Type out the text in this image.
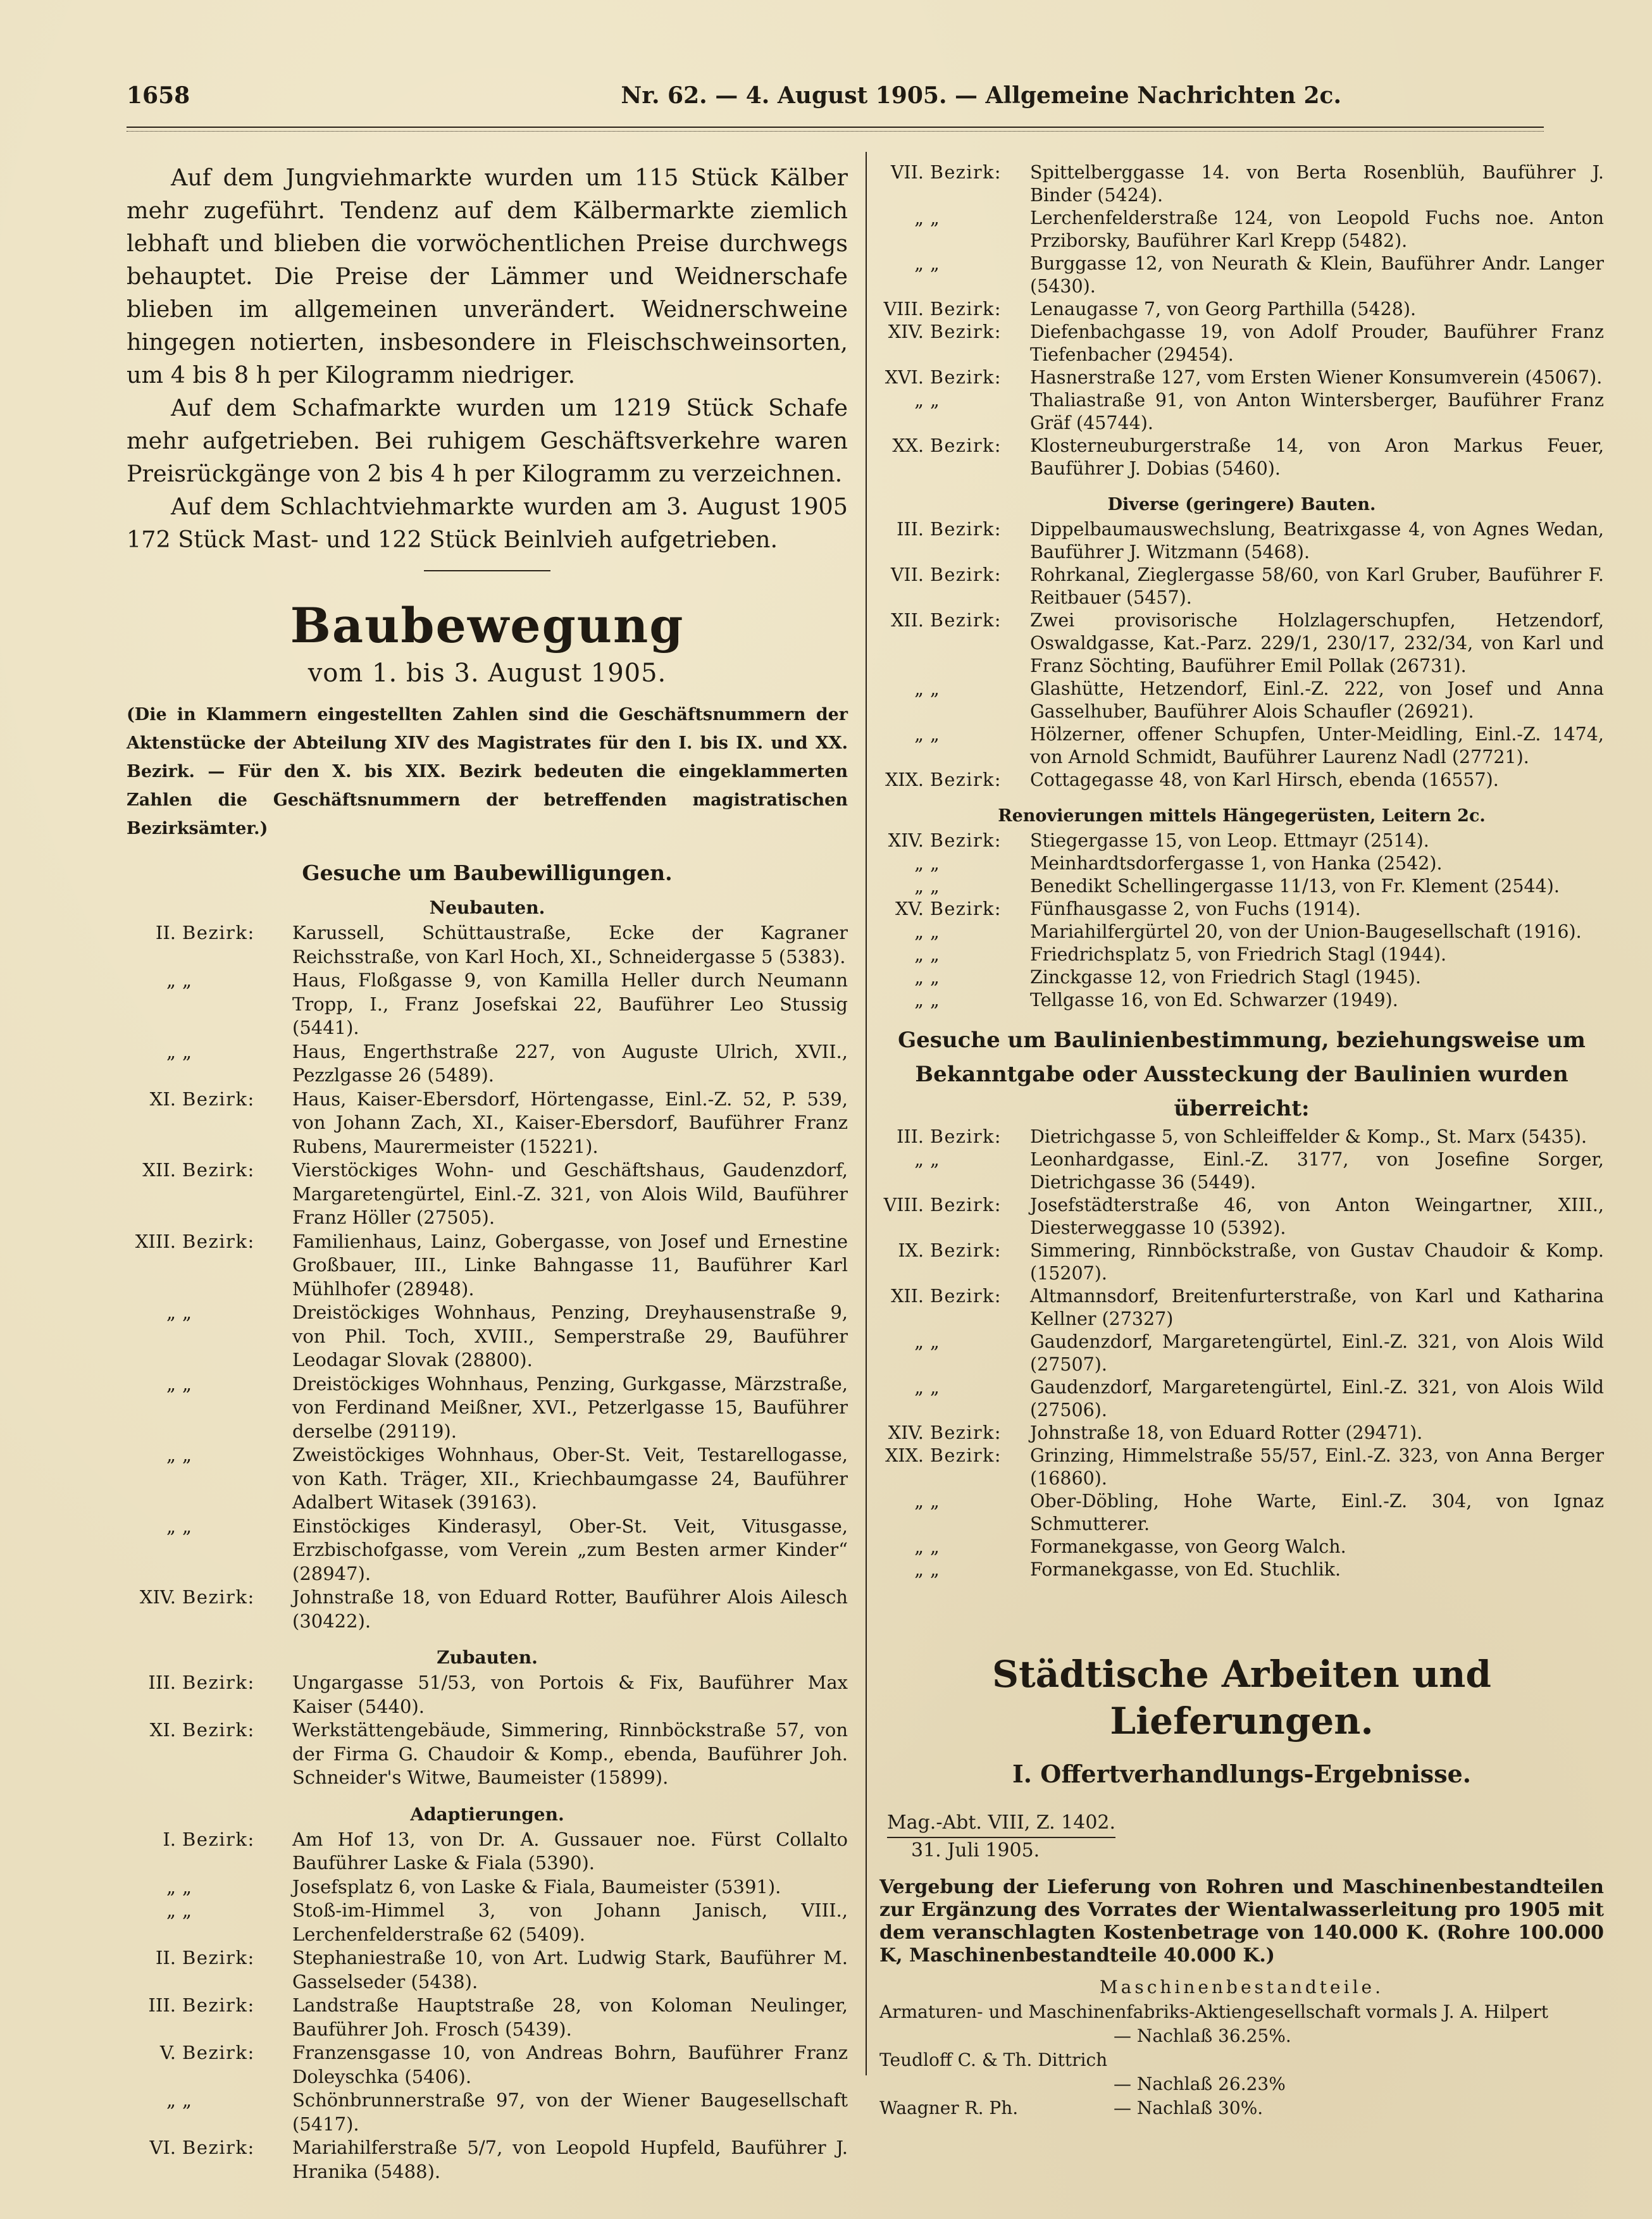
1658	Nr. 62. — 4. August 1905. — Allgemeine Nachrichten 2c.

Auf dem Jungviehmarkte wurden um 115 Stück Kälber mehr zugeführt. Tendenz auf dem Kälbermarkte ziemlich lebhaft und blieben die vorwöchentlichen Preise durchwegs behauptet. Die Preise der Lämmer und Weidnerschafe blieben im allgemeinen unverändert. Weidnerschweine hingegen notierten, insbesondere in Fleischschweinsorten, um 4 bis 8 h per Kilogramm niedriger.

Auf dem Schafmarkte wurden um 1219 Stück Schafe mehr aufgetrieben. Bei ruhigem Geschäftsverkehre waren Preisrückgänge von 2 bis 4 h per Kilogramm zu verzeichnen.

Auf dem Schlachtviehmarkte wurden am 3. August 1905 172 Stück Mast- und 122 Stück Beinlvieh aufgetrieben.

Baubewegung
vom 1. bis 3. August 1905.
(Die in Klammern eingestellten Zahlen sind die Geschäftsnummern der Aktenstücke der Abteilung XIV des Magistrates für den I. bis IX. und XX. Bezirk. — Für den X. bis XIX. Bezirk bedeuten die eingeklammerten Zahlen die Geschäftsnummern der betreffenden magistratischen Bezirksämter.)
Gesuche um Baubewilligungen.
Neubauten.
II. Bezirk:	Karussell, Schüttaustraße, Ecke der Kagraner Reichsstraße, von Karl Hoch, XI., Schneidergasse 5 (5383).
„ „	Haus, Floßgasse 9, von Kamilla Heller durch Neumann Tropp, I., Franz Josefskai 22, Bauführer Leo Stussig (5441).
„ „	Haus, Engerthstraße 227, von Auguste Ulrich, XVII., Pezzlgasse 26 (5489).
XI. Bezirk:	Haus, Kaiser-Ebersdorf, Hörtengasse, Einl.-Z. 52, P. 539, von Johann Zach, XI., Kaiser-Ebersdorf, Bauführer Franz Rubens, Maurermeister (15221).
XII. Bezirk:	Vierstöckiges Wohn- und Geschäftshaus, Gaudenzdorf, Margaretengürtel, Einl.-Z. 321, von Alois Wild, Bauführer Franz Höller (27505).
XIII. Bezirk:	Familienhaus, Lainz, Gobergasse, von Josef und Ernestine Großbauer, III., Linke Bahngasse 11, Bauführer Karl Mühlhofer (28948).
„ „	Dreistöckiges Wohnhaus, Penzing, Dreyhausenstraße 9, von Phil. Toch, XVIII., Semperstraße 29, Bauführer Leodagar Slovak (28800).
„ „	Dreistöckiges Wohnhaus, Penzing, Gurkgasse, Märzstraße, von Ferdinand Meißner, XVI., Petzerlgasse 15, Bauführer derselbe (29119).
„ „	Zweistöckiges Wohnhaus, Ober-St. Veit, Testarellogasse, von Kath. Träger, XII., Kriechbaumgasse 24, Bauführer Adalbert Witasek (39163).
„ „	Einstöckiges Kinderasyl, Ober-St. Veit, Vitusgasse, Erzbischofgasse, vom Verein „zum Besten armer Kinder“ (28947).
XIV. Bezirk:	Johnstraße 18, von Eduard Rotter, Bauführer Alois Ailesch (30422).
Zubauten.
III. Bezirk:	Ungargasse 51/53, von Portois & Fix, Bauführer Max Kaiser (5440).
XI. Bezirk:	Werkstättengebäude, Simmering, Rinnböckstraße 57, von der Firma G. Chaudoir & Komp., ebenda, Bauführer Joh. Schneider's Witwe, Baumeister (15899).
Adaptierungen.
I. Bezirk:	Am Hof 13, von Dr. A. Gussauer noe. Fürst Collalto Bauführer Laske & Fiala (5390).
„ „	Josefsplatz 6, von Laske & Fiala, Baumeister (5391).
„ „	Stoß-im-Himmel 3, von Johann Janisch, VIII., Lerchenfelderstraße 62 (5409).
II. Bezirk:	Stephaniestraße 10, von Art. Ludwig Stark, Bauführer M. Gasselseder (5438).
III. Bezirk:	Landstraße Hauptstraße 28, von Koloman Neulinger, Bauführer Joh. Frosch (5439).
V. Bezirk:	Franzensgasse 10, von Andreas Bohrn, Bauführer Franz Doleyschka (5406).
„ „	Schönbrunnerstraße 97, von der Wiener Baugesellschaft (5417).
VI. Bezirk:	Mariahilferstraße 5/7, von Leopold Hupfeld, Bauführer J. Hranika (5488).
VII. Bezirk:	Spittelberggasse 14. von Berta Rosenblüh, Bauführer J. Binder (5424).
„ „	Lerchenfelderstraße 124, von Leopold Fuchs noe. Anton Prziborsky, Bauführer Karl Krepp (5482).
„ „	Burggasse 12, von Neurath & Klein, Bauführer Andr. Langer (5430).
VIII. Bezirk:	Lenaugasse 7, von Georg Parthilla (5428).
XIV. Bezirk:	Diefenbachgasse 19, von Adolf Prouder, Bauführer Franz Tiefenbacher (29454).
XVI. Bezirk:	Hasnerstraße 127, vom Ersten Wiener Konsumverein (45067).
„ „	Thaliastraße 91, von Anton Wintersberger, Bauführer Franz Gräf (45744).
XX. Bezirk:	Klosterneuburgerstraße 14, von Aron Markus Feuer, Bauführer J. Dobias (5460).
Diverse (geringere) Bauten.
III. Bezirk:	Dippelbaumauswechslung, Beatrixgasse 4, von Agnes Wedan, Bauführer J. Witzmann (5468).
VII. Bezirk:	Rohrkanal, Zieglergasse 58/60, von Karl Gruber, Bauführer F. Reitbauer (5457).
XII. Bezirk:	Zwei provisorische Holzlagerschupfen, Hetzendorf, Oswaldgasse, Kat.-Parz. 229/1, 230/17, 232/34, von Karl und Franz Söchting, Bauführer Emil Pollak (26731).
„ „	Glashütte, Hetzendorf, Einl.-Z. 222, von Josef und Anna Gasselhuber, Bauführer Alois Schaufler (26921).
„ „	Hölzerner, offener Schupfen, Unter-Meidling, Einl.-Z. 1474, von Arnold Schmidt, Bauführer Laurenz Nadl (27721).
XIX. Bezirk:	Cottagegasse 48, von Karl Hirsch, ebenda (16557).
Renovierungen mittels Hängegerüsten, Leitern 2c.
XIV. Bezirk:	Stiegergasse 15, von Leop. Ettmayr (2514).
„ „	Meinhardtsdorfergasse 1, von Hanka (2542).
„ „	Benedikt Schellingergasse 11/13, von Fr. Klement (2544).
XV. Bezirk:	Fünfhausgasse 2, von Fuchs (1914).
„ „	Mariahilfergürtel 20, von der Union-Baugesellschaft (1916).
„ „	Friedrichsplatz 5, von Friedrich Stagl (1944).
„ „	Zinckgasse 12, von Friedrich Stagl (1945).
„ „	Tellgasse 16, von Ed. Schwarzer (1949).
Gesuche um Baulinienbestimmung, beziehungsweise um Bekanntgabe oder Aussteckung der Baulinien wurden überreicht:
III. Bezirk:	Dietrichgasse 5, von Schleiffelder & Komp., St. Marx (5435).
„ „	Leonhardgasse, Einl.-Z. 3177, von Josefine Sorger, Dietrichgasse 36 (5449).
VIII. Bezirk:	Josefstädterstraße 46, von Anton Weingartner, XIII., Diesterweggasse 10 (5392).
IX. Bezirk:	Simmering, Rinnböckstraße, von Gustav Chaudoir & Komp. (15207).
XII. Bezirk:	Altmannsdorf, Breitenfurterstraße, von Karl und Katharina Kellner (27327)
„ „	Gaudenzdorf, Margaretengürtel, Einl.-Z. 321, von Alois Wild (27507).
„ „	Gaudenzdorf, Margaretengürtel, Einl.-Z. 321, von Alois Wild (27506).
XIV. Bezirk:	Johnstraße 18, von Eduard Rotter (29471).
XIX. Bezirk:	Grinzing, Himmelstraße 55/57, Einl.-Z. 323, von Anna Berger (16860).
„ „	Ober-Döbling, Hohe Warte, Einl.-Z. 304, von Ignaz Schmutterer.
„ „	Formanekgasse, von Georg Walch.
„ „	Formanekgasse, von Ed. Stuchlik.
Städtische Arbeiten und Lieferungen.
I. Offertverhandlungs-Ergebnisse.
Mag.-Abt. VIII, Z. 1402.
31. Juli 1905.
Vergebung der Lieferung von Rohren und Maschinenbestandteilen zur Ergänzung des Vorrates der Wientalwasserleitung pro 1905 mit dem veranschlagten Kostenbetrage von 140.000 K. (Rohre 100.000 K, Maschinenbestandteile 40.000 K.)
Maschinenbestandteile.
Armaturen- und Maschinenfabriks-Aktiengesellschaft vormals J. A. Hilpert
— Nachlaß 36.25%.
Teudloff C. & Th. Dittrich
— Nachlaß 26.23%
Waagner R. Ph.	— Nachlaß 30%.
